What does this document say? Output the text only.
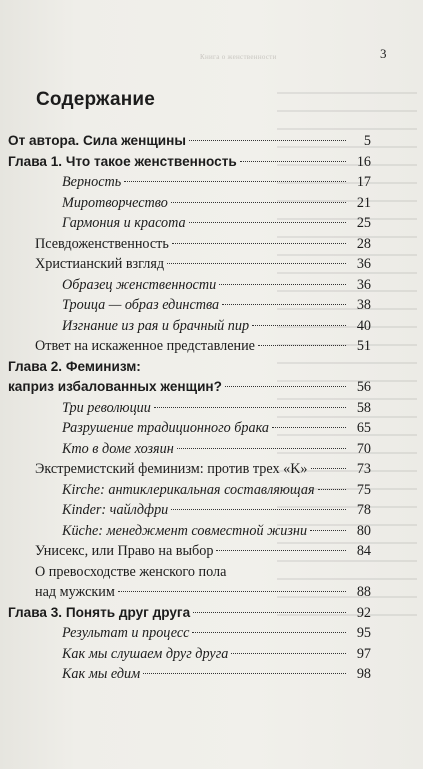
Книга о женственности	3
Содержание
От автора. Сила женщины	5
Глава 1. Что такое женственность	16
Верность	17
Миротворчество	21
Гармония и красота	25
Псевдоженственность	28
Христианский взгляд	36
Образец женственности	36
Троица — образ единства	38
Изгнание из рая и брачный пир	40
Ответ на искаженное представление	51
Глава 2. Феминизм:
каприз избалованных женщин?	56
Три революции	58
Разрушение традиционного брака	65
Кто в доме хозяин	70
Экстремистский феминизм: против трех «K»	73
Kirche: антиклерикальная составляющая	75
Kinder: чайлдфри	78
Küche: менеджмент совместной жизни	80
Унисекс, или Право на выбор	84
О превосходстве женского пола
над мужским	88
Глава 3. Понять друг друга	92
Результат и процесс	95
Как мы слушаем друг друга	97
Как мы едим	98
